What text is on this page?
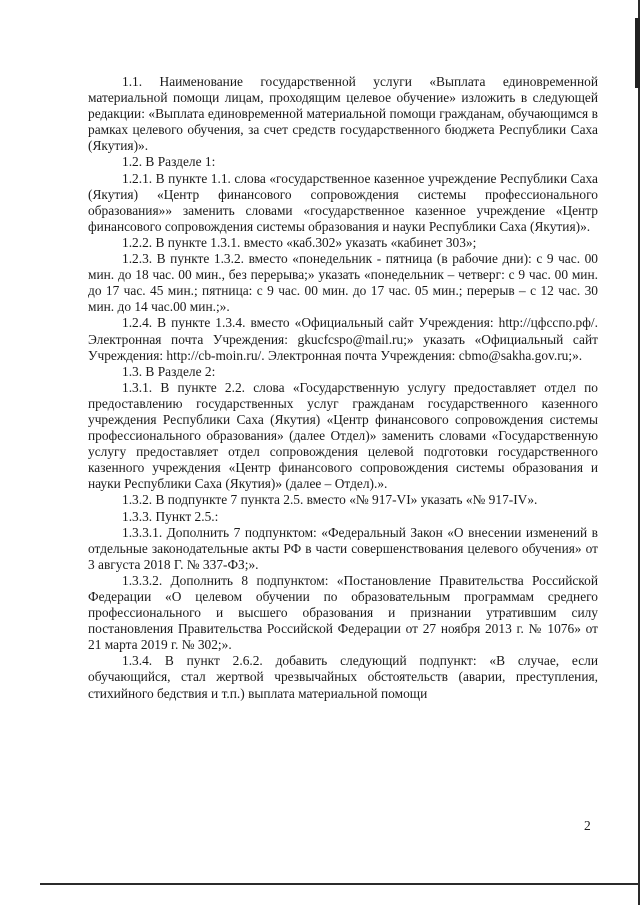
1.1. Наименование государственной услуги «Выплата единовременной материальной помощи лицам, проходящим целевое обучение» изложить в следующей редакции: «Выплата единовременной материальной помощи гражданам, обучающимся в рамках целевого обучения, за счет средств государственного бюджета Республики Саха (Якутия)».

1.2. В Разделе 1:

1.2.1. В пункте 1.1. слова «государственное казенное учреждение Республики Саха (Якутия) «Центр финансового сопровождения системы профессионального образования»» заменить словами «государственное казенное учреждение «Центр финансового сопровождения системы образования и науки Республики Саха (Якутия)».

1.2.2. В пункте 1.3.1. вместо «каб.302» указать «кабинет 303»;

1.2.3. В пункте 1.3.2. вместо «понедельник - пятница (в рабочие дни): с 9 час. 00 мин. до 18 час. 00 мин., без перерыва;» указать «понедельник – четверг: с 9 час. 00 мин. до 17 час. 45 мин.; пятница: с 9 час. 00 мин. до 17 час. 05 мин.; перерыв – с 12 час. 30 мин. до 14 час.00 мин.;».

1.2.4. В пункте 1.3.4. вместо «Официальный сайт Учреждения: http://цфсспо.рф/. Электронная почта Учреждения: gkucfcspo@mail.ru;» указать «Официальный сайт Учреждения: http://cb-moin.ru/. Электронная почта Учреждения: cbmo@sakha.gov.ru;».

1.3. В Разделе 2:

1.3.1. В пункте 2.2. слова «Государственную услугу предоставляет отдел по предоставлению государственных услуг гражданам государственного казенного учреждения Республики Саха (Якутия) «Центр финансового сопровождения системы профессионального образования» (далее Отдел)» заменить словами «Государственную услугу предоставляет отдел сопровождения целевой подготовки государственного казенного учреждения «Центр финансового сопровождения системы образования и науки Республики Саха (Якутия)» (далее – Отдел).».

1.3.2. В подпункте 7 пункта 2.5. вместо «№ 917-VI» указать «№ 917-IV».

1.3.3. Пункт 2.5.:

1.3.3.1. Дополнить 7 подпунктом: «Федеральный Закон «О внесении изменений в отдельные законодательные акты РФ в части совершенствования целевого обучения» от 3 августа 2018 Г. № 337-ФЗ;».

1.3.3.2. Дополнить 8 подпунктом: «Постановление Правительства Российской Федерации «О целевом обучении по образовательным программам среднего профессионального и высшего образования и признании утратившим силу постановления Правительства Российской Федерации от 27 ноября 2013 г. № 1076» от 21 марта 2019 г. № 302;».

1.3.4. В пункт 2.6.2. добавить следующий подпункт: «В случае, если обучающийся, стал жертвой чрезвычайных обстоятельств (аварии, преступления, стихийного бедствия и т.п.) выплата материальной помощи

2
